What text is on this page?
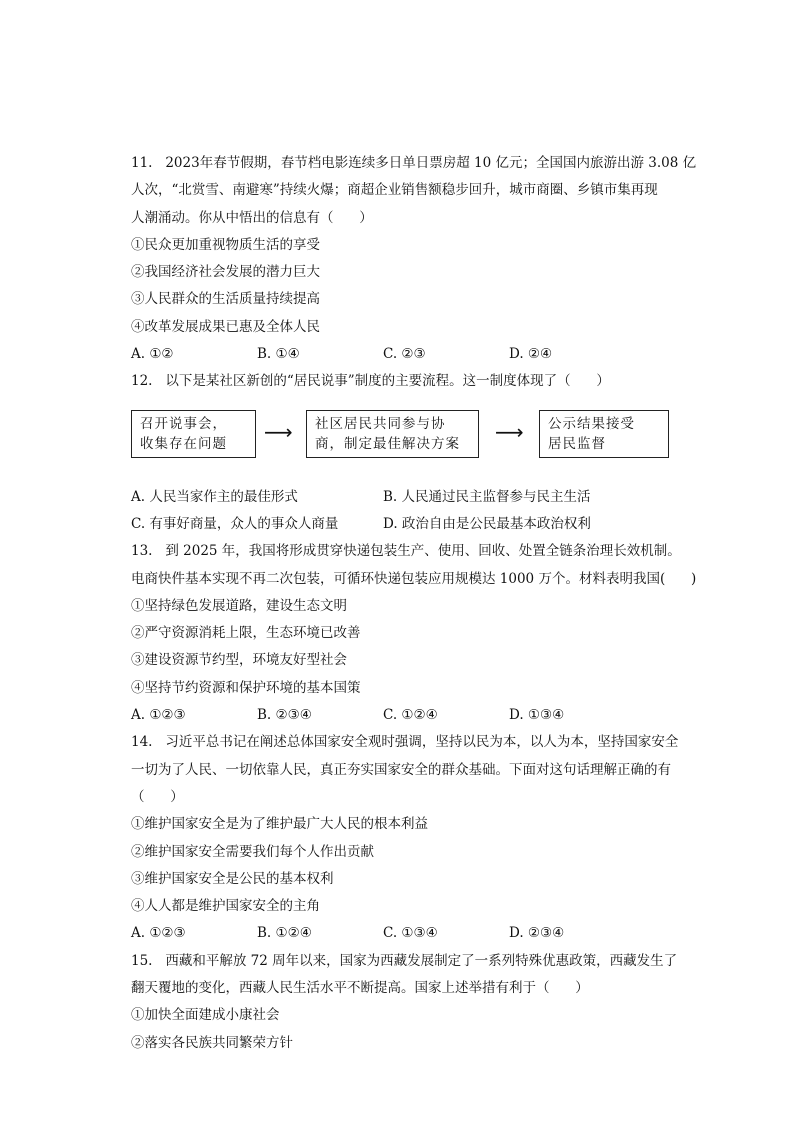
11.   2023年春节假期，春节档电影连续多日单日票房超 10 亿元；全国国内旅游出游 3.08 亿
人次，“北赏雪、南避寒”持续火爆；商超企业销售额稳步回升，城市商圈、乡镇市集再现
人潮涌动。你从中悟出的信息有（      ）
①民众更加重视物质生活的享受
②我国经济社会发展的潜力巨大
③人民群众的生活质量持续提高
④改革发展成果已惠及全体人民
A. ①②	B. ①④	C. ②③	D. ②④
12.   以下是某社区新创的“居民说事”制度的主要流程。这一制度体现了（      ）
召开说事会，
收集存在问题	⟶ 社区居民共同参与协
商，制定最佳解决方案	⟶ 公示结果接受
居民监督
A. 人民当家作主的最佳形式	B. 人民通过民主监督参与民主生活
C. 有事好商量，众人的事众人商量	D. 政治自由是公民最基本政治权利
13.   到 2025 年，我国将形成贯穿快递包装生产、使用、回收、处置全链条治理长效机制。
电商快件基本实现不再二次包装，可循环快递包装应用规模达 1000 万个。材料表明我国(      )
①坚持绿色发展道路，建设生态文明
②严守资源消耗上限，生态环境已改善
③建设资源节约型，环境友好型社会
④坚持节约资源和保护环境的基本国策
A. ①②③	B. ②③④	C. ①②④	D. ①③④
14.   习近平总书记在阐述总体国家安全观时强调，坚持以民为本，以人为本，坚持国家安全
一切为了人民、一切依靠人民，真正夯实国家安全的群众基础。下面对这句话理解正确的有
（      ）
①维护国家安全是为了维护最广大人民的根本利益
②维护国家安全需要我们每个人作出贡献
③维护国家安全是公民的基本权利
④人人都是维护国家安全的主角
A. ①②③	B. ①②④	C. ①③④	D. ②③④
15.   西藏和平解放 72 周年以来，国家为西藏发展制定了一系列特殊优惠政策，西藏发生了
翻天覆地的变化，西藏人民生活水平不断提高。国家上述举措有利于（      ）
①加快全面建成小康社会
②落实各民族共同繁荣方针
